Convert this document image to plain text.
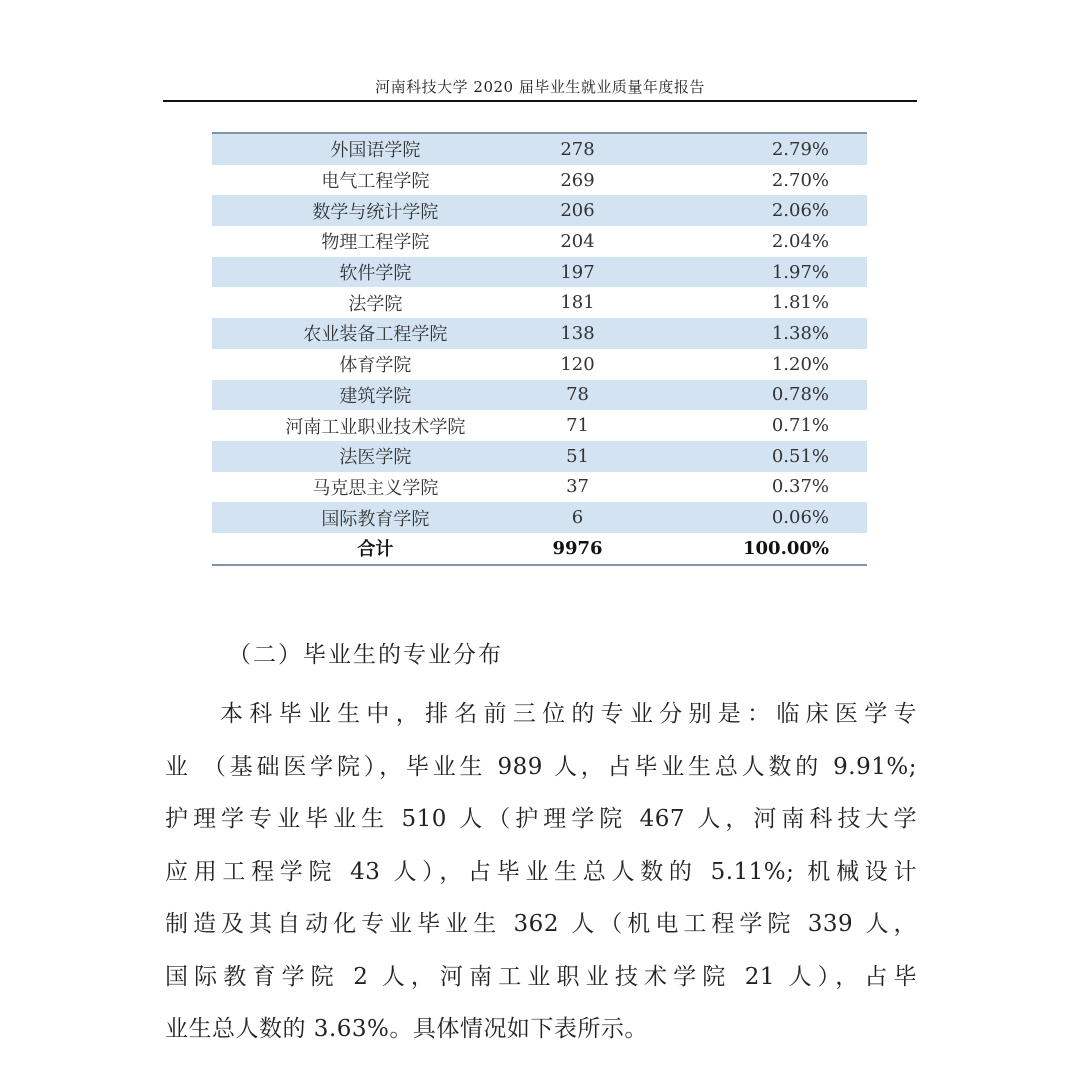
河南科技大学 2020 届毕业生就业质量年度报告
外国语学院	278	2.79%
电气工程学院	269	2.70%
数学与统计学院	206	2.06%
物理工程学院	204	2.04%
软件学院	197	1.97%
法学院	181	1.81%
农业装备工程学院	138	1.38%
体育学院	120	1.20%
建筑学院	78	0.78%
河南工业职业技术学院	71	0.71%
法医学院	51	0.51%
马克思主义学院	37	0.37%
国际教育学院	6	0.06%
合计	9976	100.00%
（二）毕业生的专业分布
本科毕业生中，排名前三位的专业分别是：临床医学专
业 （基础医学院），毕业生 989 人，占毕业生总人数的 9.91%;
护理学专业毕业生 510 人（护理学院 467 人，河南科技大学
应用工程学院 43 人），占毕业生总人数的 5.11%; 机械设计
制造及其自动化专业毕业生 362 人（机电工程学院 339 人，
国际教育学院 2 人，河南工业职业技术学院 21 人），占毕
业生总人数的 3.63%。具体情况如下表所示。
